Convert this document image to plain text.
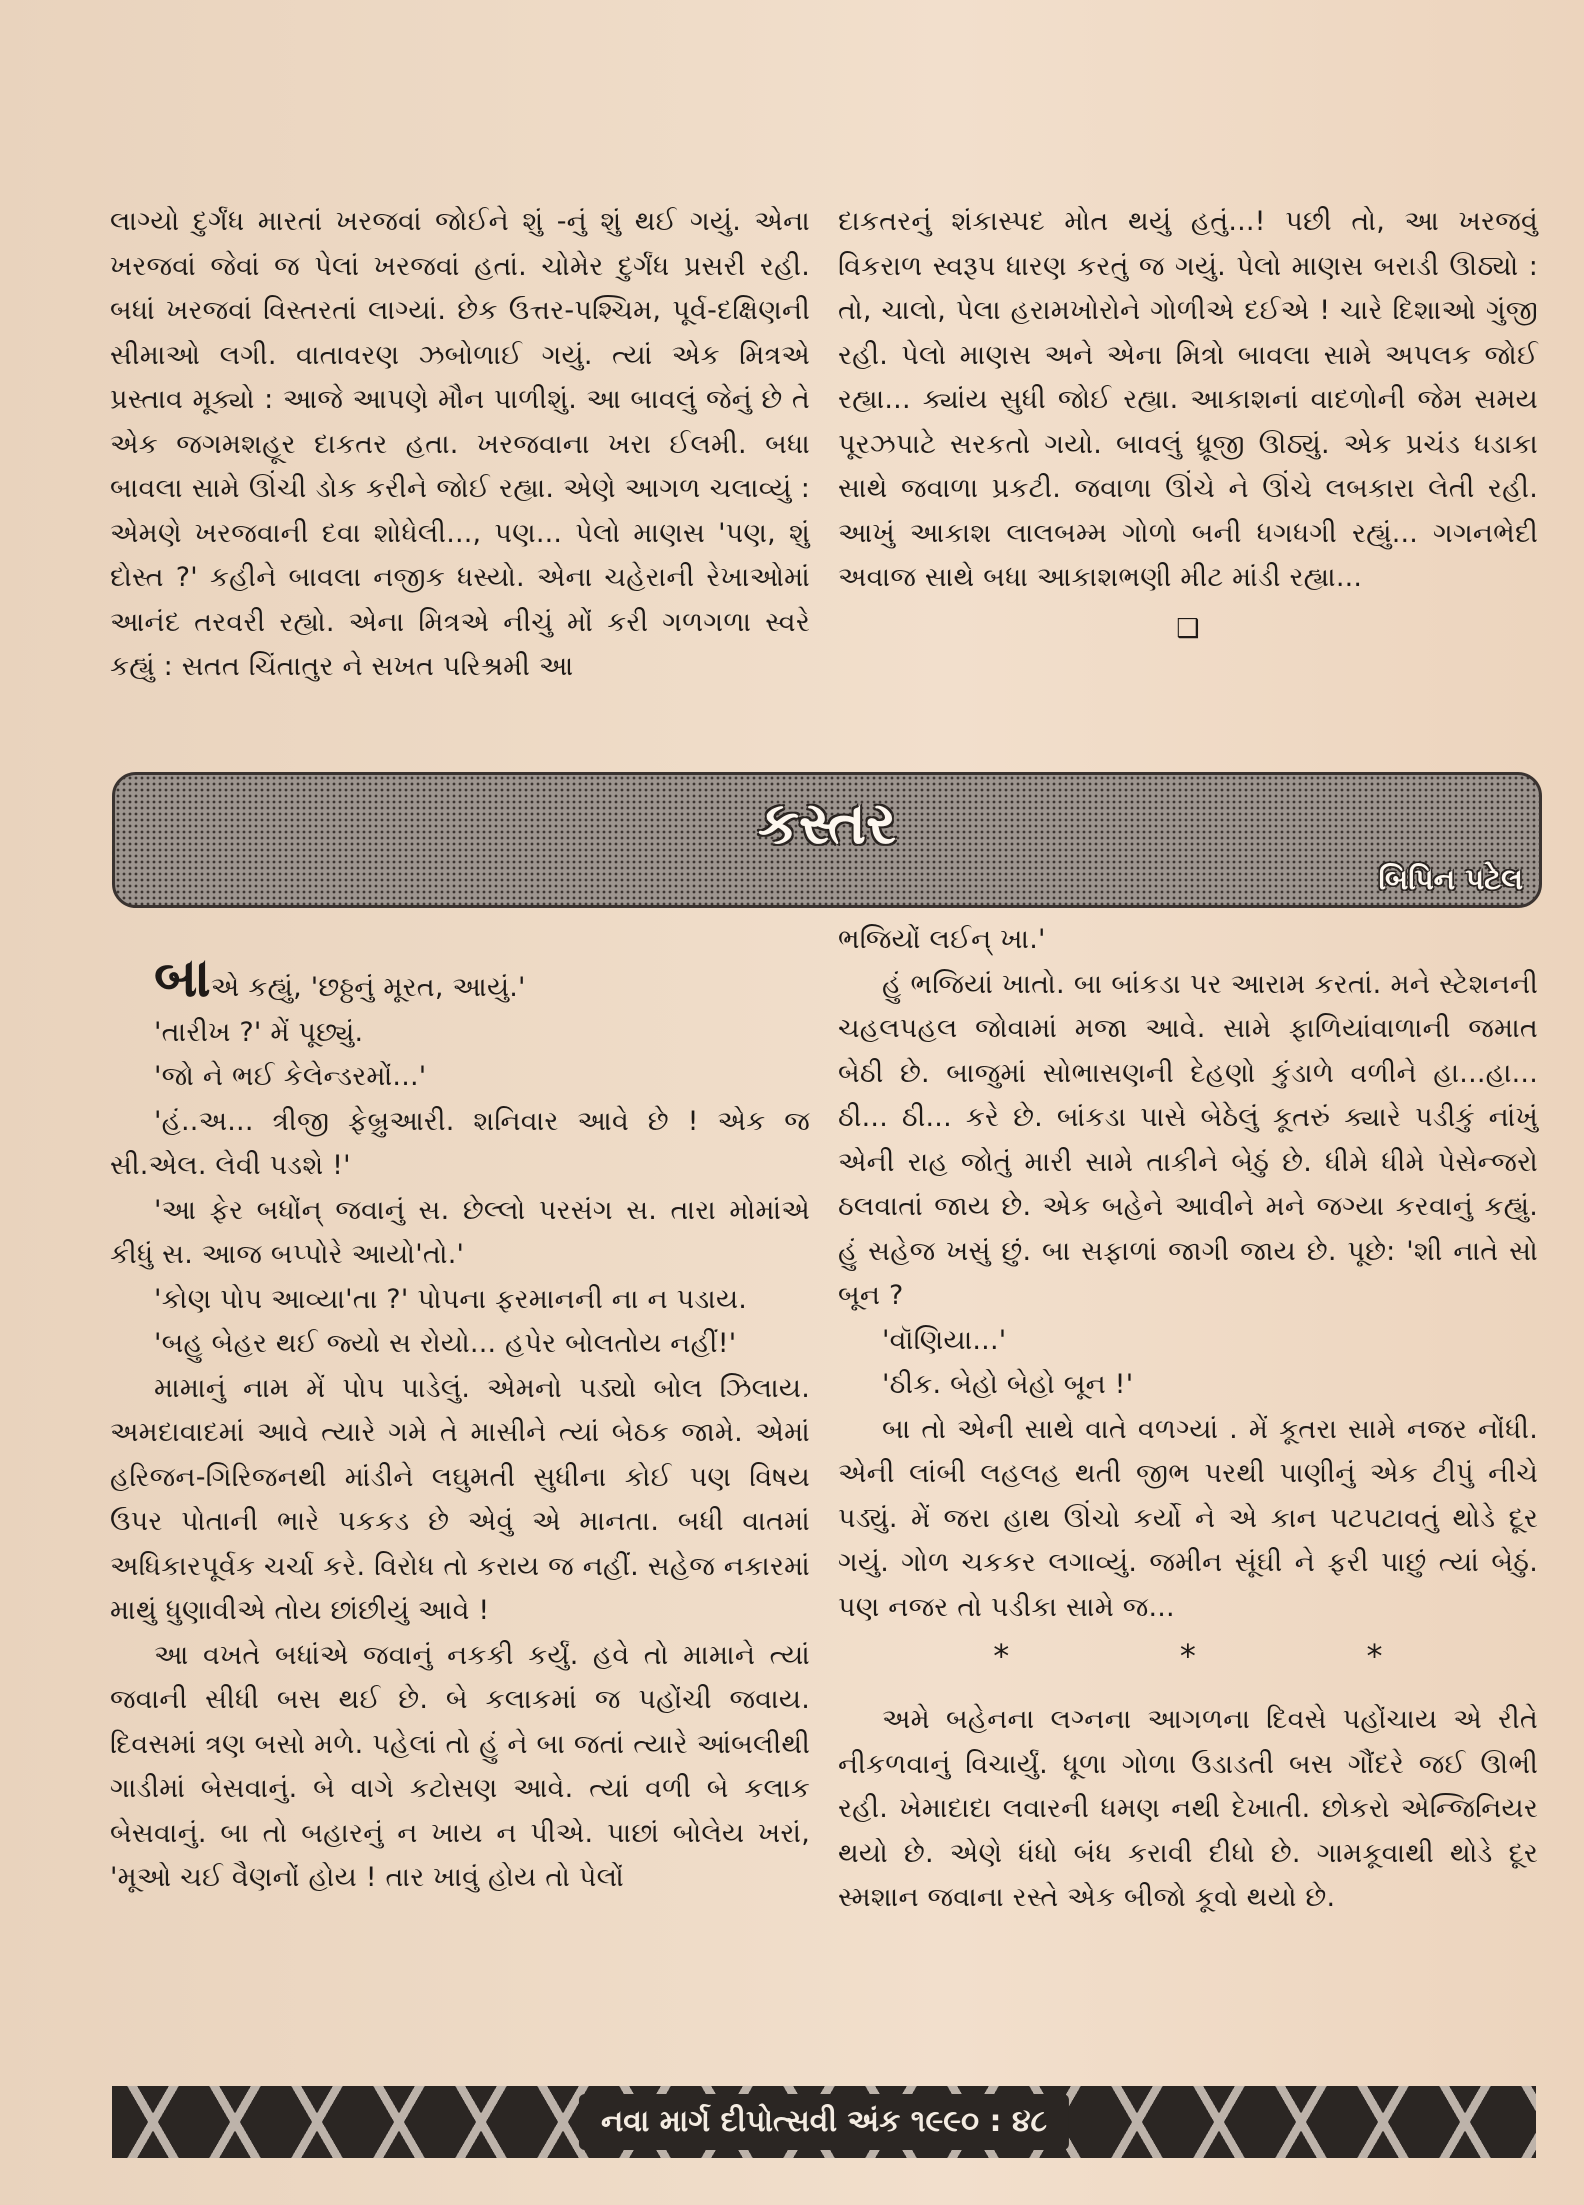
લાગ્યો દુર્ગંધ મારતાં ખરજવાં જોઈને શું -નું શું થઈ ગયું. એના ખરજવાં જેવાં જ પેલાં ખરજવાં હતાં. ચોમેર દુર્ગંધ પ્રસરી રહી. બધાં ખરજવાં વિસ્તરતાં લાગ્યાં. છેક ઉત્તર-પશ્ચિમ, પૂર્વ-દક્ષિણની સીમાઓ લગી. વાતાવરણ ઝબોળાઈ ગયું. ત્યાં એક મિત્રએ પ્રસ્તાવ મૂક્યો : આજે આપણે મૌન પાળીશું. આ બાવલું જેનું છે તે એક જગમશહૂર દાકતર હતા. ખરજવાના ખરા ઈલમી. બધા બાવલા સામે ઊંચી ડોક કરીને જોઈ રહ્યા. એણે આગળ ચલાવ્યું : એમણે ખરજવાની દવા શોધેલી..., પણ... પેલો માણસ 'પણ, શું દોસ્ત ?' કહીને બાવલા નજીક ધસ્યો. એના ચહેરાની રેખાઓમાં આનંદ તરવરી રહ્યો. એના મિત્રએ નીચું મોં કરી ગળગળા સ્વરે કહ્યું : સતત ચિંતાતુર ને સખત પરિશ્રમી આ

દાકતરનું શંકાસ્પદ મોત થયું હતું...! પછી તો, આ ખરજવું વિકરાળ સ્વરૂપ ધારણ કરતું જ ગયું. પેલો માણસ બરાડી ઊઠ્યો : તો, ચાલો, પેલા હરામખોરોને ગોળીએ દઈએ ! ચારે દિશાઓ ગુંજી રહી. પેલો માણસ અને એના મિત્રો બાવલા સામે અપલક જોઈ રહ્યા... ક્યાંય સુધી જોઈ રહ્યા. આકાશનાં વાદળોની જેમ સમય પૂરઝપાટે સરકતો ગયો. બાવલું ધ્રૂજી ઊઠ્યું. એક પ્રચંડ ધડાકા સાથે જવાળા પ્રકટી. જવાળા ઊંચે ને ઊંચે લબકારા લેતી રહી. આખું આકાશ લાલબમ્મ ગોળો બની ધગધગી રહ્યું... ગગનભેદી અવાજ સાથે બધા આકાશભણી મીટ માંડી રહ્યા...

❑
કસ્તર
બિપિન પટેલ

બાએ કહ્યું, 'છઠ્ઠનું મૂરત, આયું.'

'તારીખ ?' મેં પૂછ્યું.

'જો ને ભઈ કેલેન્ડરમોં...'

'હં..અ... ત્રીજી ફેબ્રુઆરી. શનિવાર આવે છે ! એક જ સી.એલ. લેવી પડશે !'

'આ ફેર બધોંન્ જવાનું સ. છેલ્લો પરસંગ સ. તારા મોમાંએ કીધું સ. આજ બપ્પોરે આયો'તો.'

'કોણ પોપ આવ્યા'તા ?' પોપના ફરમાનની ના ન પડાય.

'બહુ બેહર થઈ જ્યો સ રોયો... હપેર બોલતોય નહીં!'

મામાનું નામ મેં પોપ પાડેલું. એમનો પડ્યો બોલ ઝિલાય. અમદાવાદમાં આવે ત્યારે ગમે તે માસીને ત્યાં બેઠક જામે. એમાં હરિજન-ગિરિજનથી માંડીને લઘુમતી સુધીના કોઈ પણ વિષય ઉપર પોતાની ભારે પકકડ છે એવું એ માનતા. બધી વાતમાં અધિકારપૂર્વક ચર્ચા કરે. વિરોધ તો કરાય જ નહીં. સહેજ નકારમાં માથું ધુણાવીએ તોય છાંછીયું આવે !

આ વખતે બધાંએ જવાનું નકકી કર્યું. હવે તો મામાને ત્યાં જવાની સીધી બસ થઈ છે. બે કલાકમાં જ પહોંચી જવાય. દિવસમાં ત્રણ બસો મળે. પહેલાં તો હું ને બા જતાં ત્યારે આંબલીથી ગાડીમાં બેસવાનું. બે વાગે કટોસણ આવે. ત્યાં વળી બે કલાક બેસવાનું. બા તો બહારનું ન ખાય ન પીએ. પાછાં બોલેય ખરાં, 'મૂઓ ચઈ વૈણનોં હોય ! તાર ખાવું હોય તો પેલોં

ભજિયોં લઈન્ ખા.'

હું ભજિયાં ખાતો. બા બાંકડા પર આરામ કરતાં. મને સ્ટેશનની ચહલપહલ જોવામાં મજા આવે. સામે ફાળિયાંવાળાની જમાત બેઠી છે. બાજુમાં સોભાસણની દેહણો કુંડાળે વળીને હા...હા... ઠી... ઠી... કરે છે. બાંકડા પાસે બેઠેલું કૂતરું ક્યારે પડીકું નાંખું એની રાહ જોતું મારી સામે તાકીને બેઠું છે. ધીમે ધીમે પેસેન્જરો ઠલવાતાં જાય છે. એક બહેને આવીને મને જગ્યા કરવાનું કહ્યું. હું સહેજ ખસું છું. બા સફાળાં જાગી જાય છે. પૂછે: 'શી નાતે સો બૂન ?

'વૉણિયા...'

'ઠીક. બેહો બેહો બૂન !'

બા તો એની સાથે વાતે વળગ્યાં . મેં કૂતરા સામે નજર નોંધી. એની લાંબી લહલહ થતી જીભ પરથી પાણીનું એક ટીપું નીચે પડ્યું. મેં જરા હાથ ઊંચો કર્યો ને એ કાન પટપટાવતું થોડે દૂર ગયું. ગોળ ચકકર લગાવ્યું. જમીન સૂંઘી ને ફરી પાછું ત્યાં બેઠું. પણ નજર તો પડીકા સામે જ...

*	*	*

અમે બહેનના લગ્નના આગળના દિવસે પહોંચાય એ રીતે નીકળવાનું વિચાર્યું. ધૂળા ગોળા ઉડાડતી બસ ગૌંદરે જઈ ઊભી રહી. ખેમાદાદા લવારની ધમણ નથી દેખાતી. છોકરો એન્જિનિયર થયો છે. એણે ધંધો બંધ કરાવી દીધો છે. ગામકૂવાથી થોડે દૂર સ્મશાન જવાના રસ્તે એક બીજો કૂવો થયો છે.

નવા માર્ગ દીપોત્સવી અંક ૧૯૯૦ : ૪૮
